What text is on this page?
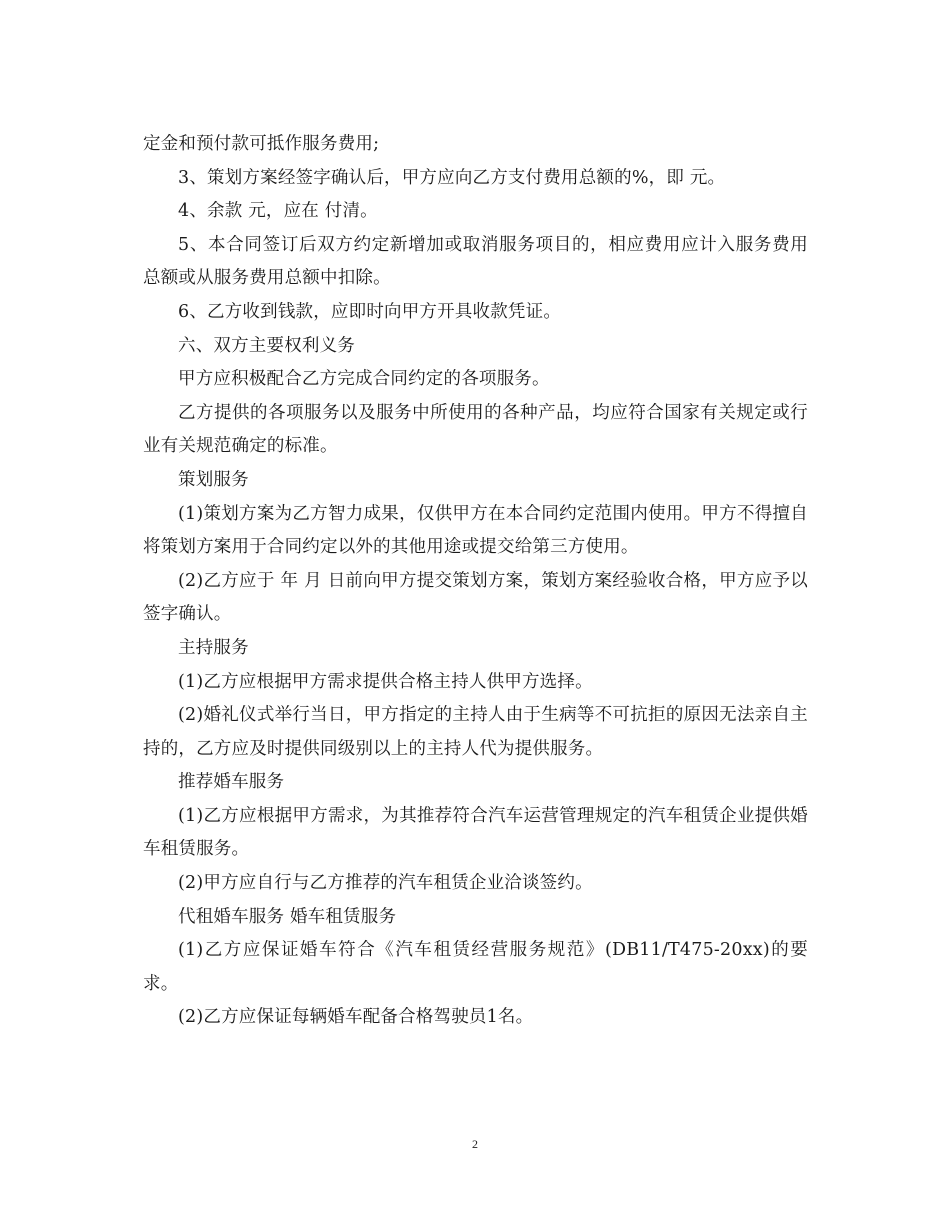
定金和预付款可抵作服务费用;

3、策划方案经签字确认后，甲方应向乙方支付费用总额的%，即 元。

4、余款 元，应在 付清。

5、本合同签订后双方约定新增加或取消服务项目的，相应费用应计入服务费用总额或从服务费用总额中扣除。

6、乙方收到钱款，应即时向甲方开具收款凭证。

六、双方主要权利义务

甲方应积极配合乙方完成合同约定的各项服务。

乙方提供的各项服务以及服务中所使用的各种产品，均应符合国家有关规定或行业有关规范确定的标准。

策划服务

(1)策划方案为乙方智力成果，仅供甲方在本合同约定范围内使用。甲方不得擅自将策划方案用于合同约定以外的其他用途或提交给第三方使用。

(2)乙方应于 年 月 日前向甲方提交策划方案，策划方案经验收合格，甲方应予以签字确认。

主持服务

(1)乙方应根据甲方需求提供合格主持人供甲方选择。

(2)婚礼仪式举行当日，甲方指定的主持人由于生病等不可抗拒的原因无法亲自主持的，乙方应及时提供同级别以上的主持人代为提供服务。

推荐婚车服务

(1)乙方应根据甲方需求，为其推荐符合汽车运营管理规定的汽车租赁企业提供婚车租赁服务。

(2)甲方应自行与乙方推荐的汽车租赁企业洽谈签约。

代租婚车服务 婚车租赁服务

(1)乙方应保证婚车符合《汽车租赁经营服务规范》(DB11/T475-20xx)的要求。

(2)乙方应保证每辆婚车配备合格驾驶员1名。

2
